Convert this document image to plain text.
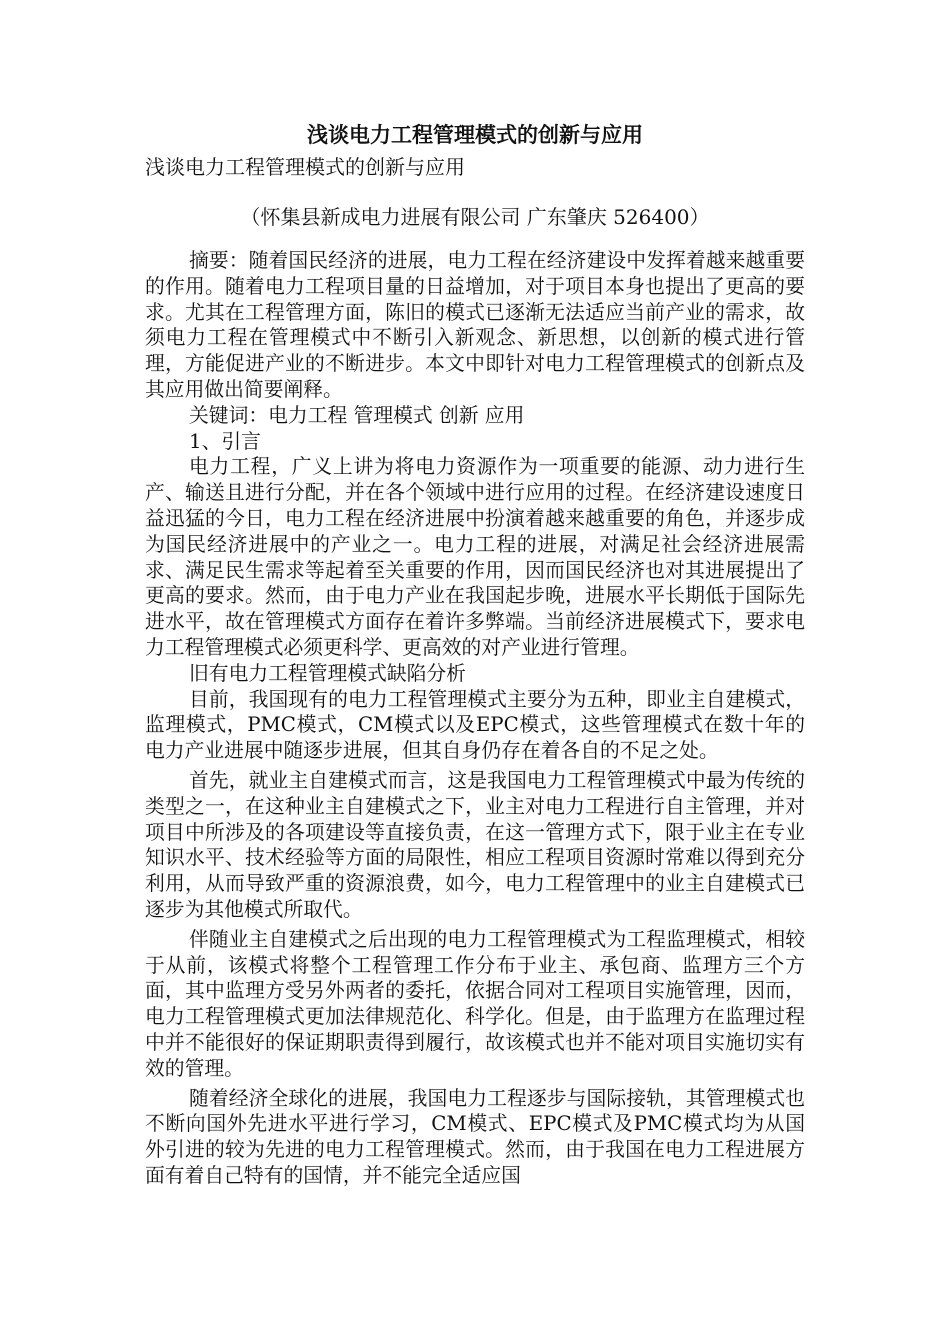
浅谈电力工程管理模式的创新与应用

浅谈电力工程管理模式的创新与应用

（怀集县新成电力进展有限公司 广东肇庆 526400）

摘要：随着国民经济的进展，电力工程在经济建设中发挥着越来越重要的作用。随着电力工程项目量的日益增加，对于项目本身也提出了更高的要求。尤其在工程管理方面，陈旧的模式已逐渐无法适应当前产业的需求，故须电力工程在管理模式中不断引入新观念、新思想，以创新的模式进行管理，方能促进产业的不断进步。本文中即针对电力工程管理模式的创新点及其应用做出简要阐释。

关键词：电力工程 管理模式 创新 应用

1、引言

电力工程，广义上讲为将电力资源作为一项重要的能源、动力进行生产、输送且进行分配，并在各个领域中进行应用的过程。在经济建设速度日益迅猛的今日，电力工程在经济进展中扮演着越来越重要的角色，并逐步成为国民经济进展中的产业之一。电力工程的进展，对满足社会经济进展需求、满足民生需求等起着至关重要的作用，因而国民经济也对其进展提出了更高的要求。然而，由于电力产业在我国起步晚，进展水平长期低于国际先进水平，故在管理模式方面存在着许多弊端。当前经济进展模式下，要求电力工程管理模式必须更科学、更高效的对产业进行管理。

旧有电力工程管理模式缺陷分析

目前，我国现有的电力工程管理模式主要分为五种，即业主自建模式，监理模式，PMC模式，CM模式以及EPC模式，这些管理模式在数十年的电力产业进展中随逐步进展，但其自身仍存在着各自的不足之处。

首先，就业主自建模式而言，这是我国电力工程管理模式中最为传统的类型之一，在这种业主自建模式之下，业主对电力工程进行自主管理，并对项目中所涉及的各项建设等直接负责，在这一管理方式下，限于业主在专业知识水平、技术经验等方面的局限性，相应工程项目资源时常难以得到充分利用，从而导致严重的资源浪费，如今，电力工程管理中的业主自建模式已逐步为其他模式所取代。

伴随业主自建模式之后出现的电力工程管理模式为工程监理模式，相较于从前，该模式将整个工程管理工作分布于业主、承包商、监理方三个方面，其中监理方受另外两者的委托，依据合同对工程项目实施管理，因而，电力工程管理模式更加法律规范化、科学化。但是，由于监理方在监理过程中并不能很好的保证期职责得到履行，故该模式也并不能对项目实施切实有效的管理。

随着经济全球化的进展，我国电力工程逐步与国际接轨，其管理模式也不断向国外先进水平进行学习，CM模式、EPC模式及PMC模式均为从国外引进的较为先进的电力工程管理模式。然而，由于我国在电力工程进展方面有着自己特有的国情，并不能完全适应国
